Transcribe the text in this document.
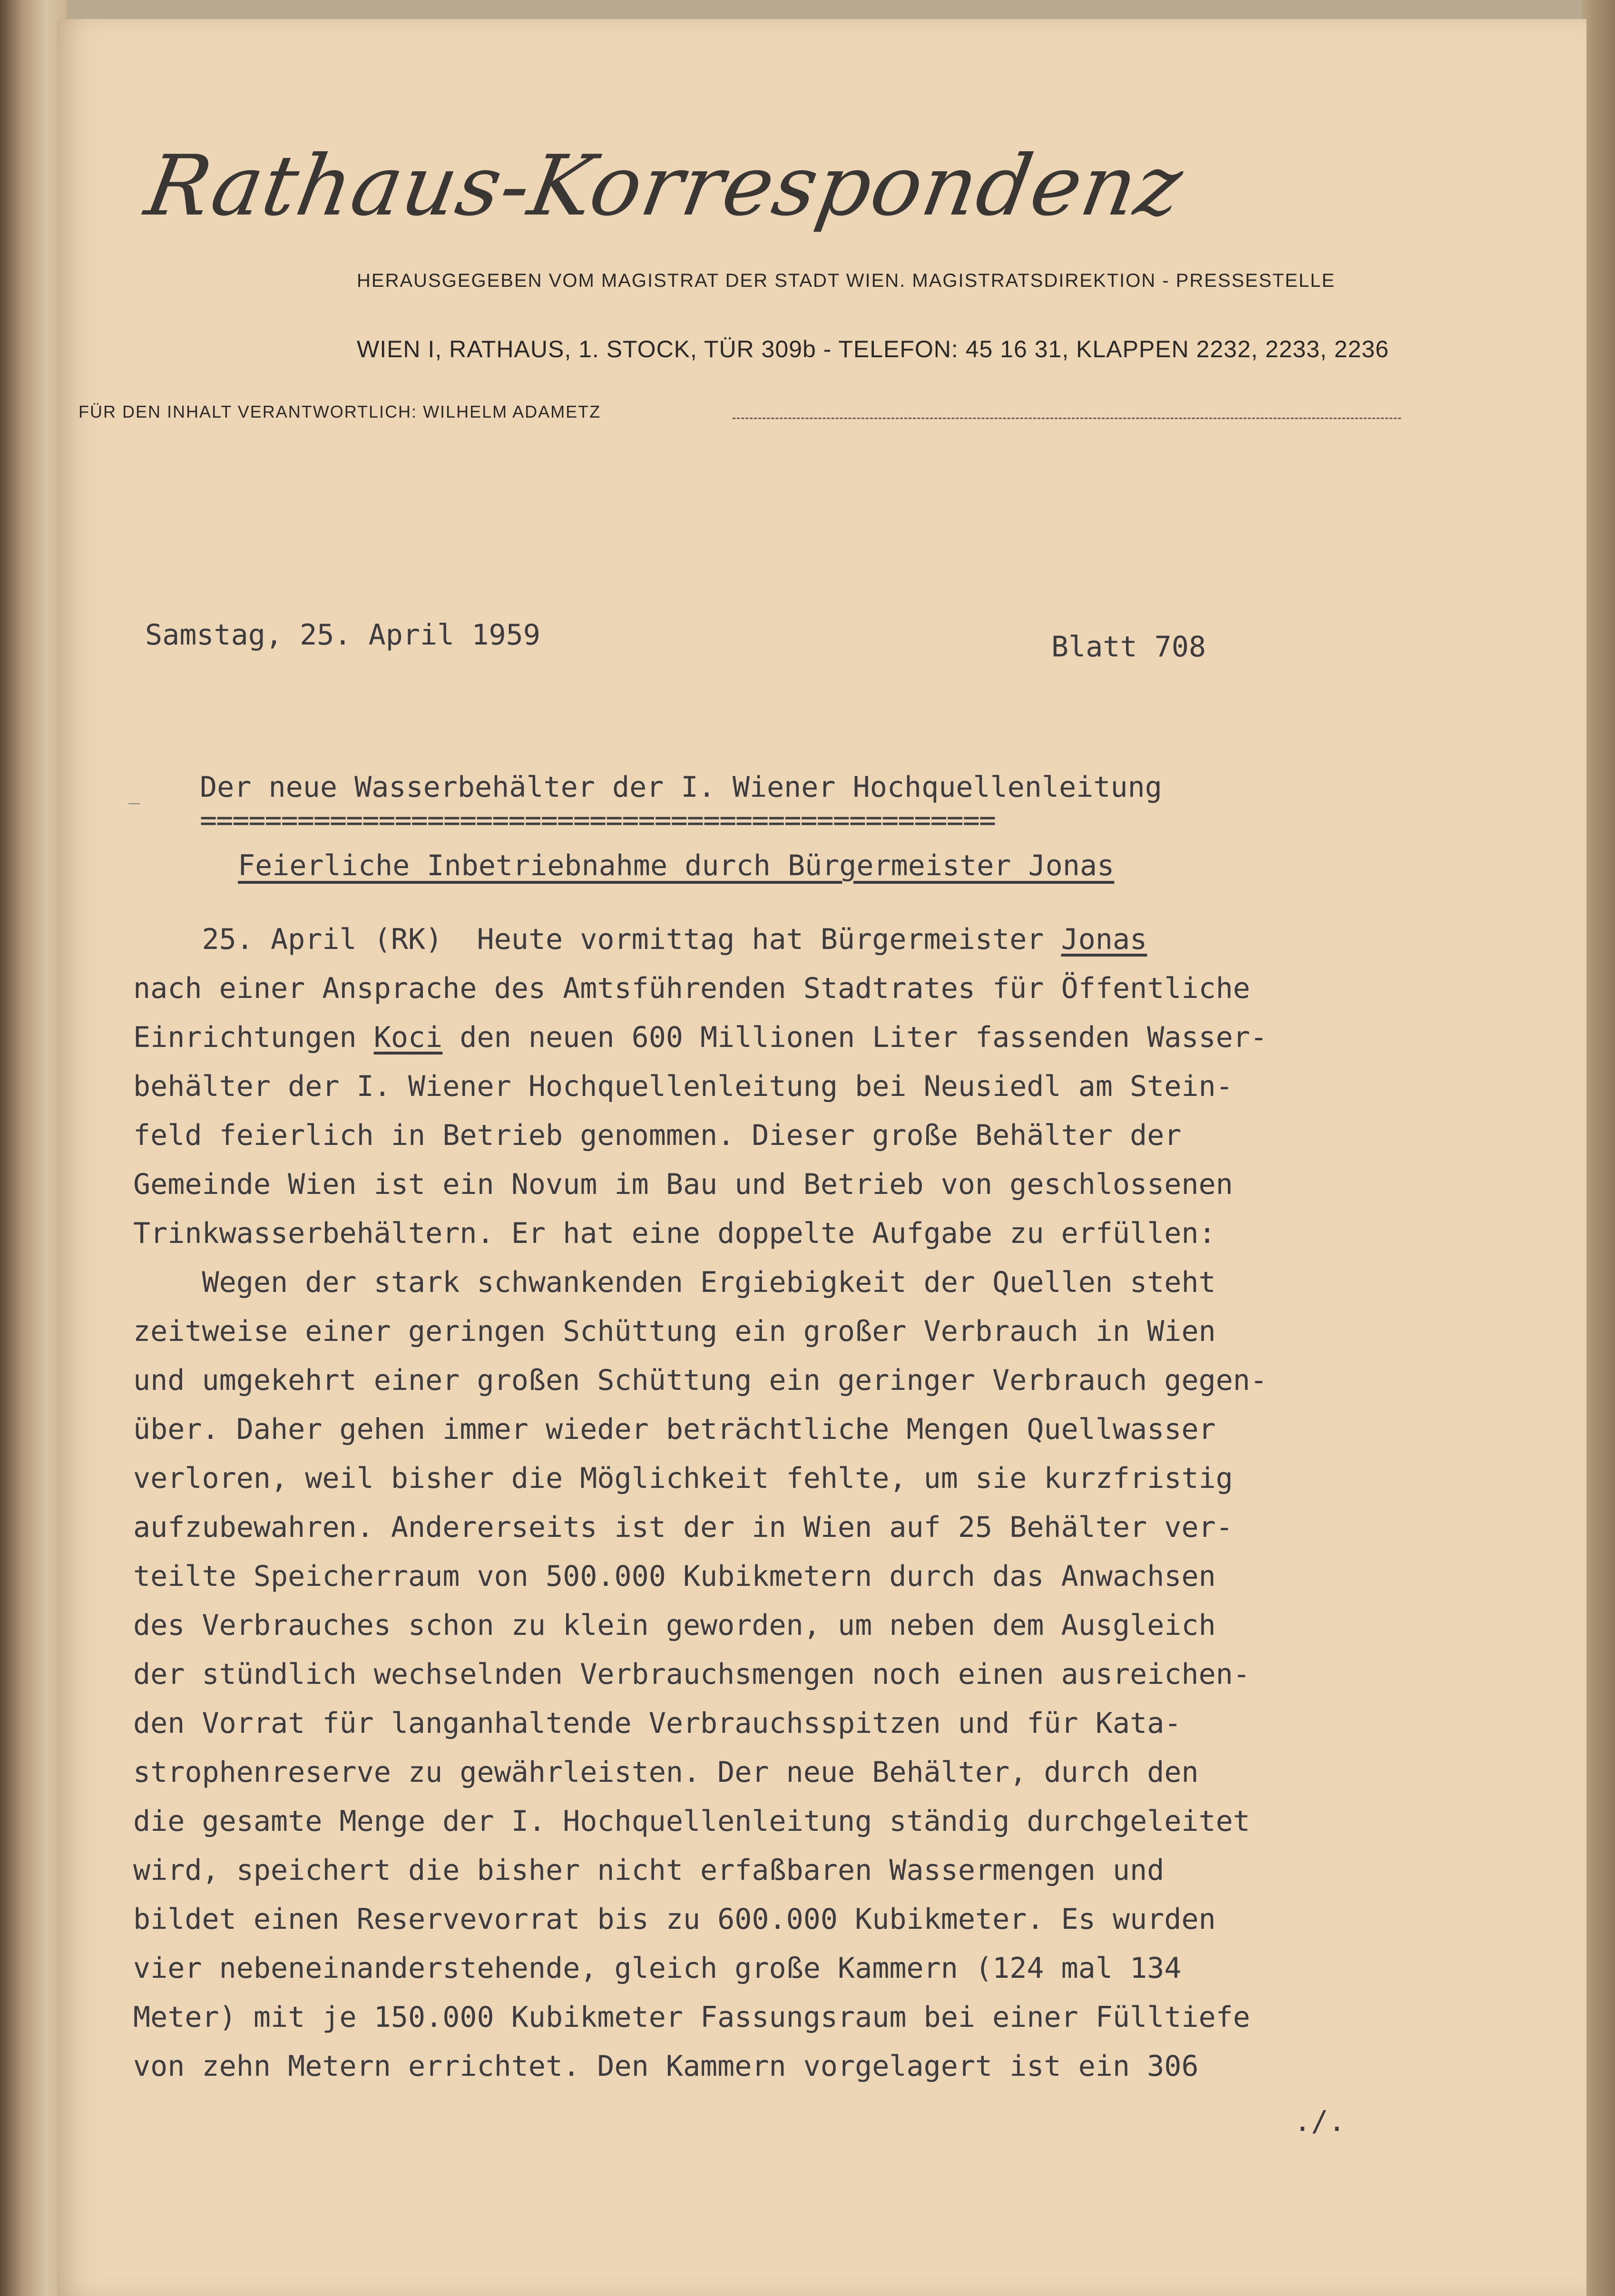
Rathaus-Korrespondenz
HERAUSGEGEBEN VOM MAGISTRAT DER STADT WIEN. MAGISTRATSDIREKTION - PRESSESTELLE
WIEN I, RATHAUS, 1. STOCK, TÜR 309b - TELEFON: 45 16 31, KLAPPEN 2232, 2233, 2236
FÜR DEN INHALT VERANTWORTLICH: WILHELM ADAMETZ
Samstag, 25. April 1959	Blatt 708
_ Der neue Wasserbehälter der I. Wiener Hochquellenleitung
=================================================
Feierliche Inbetriebnahme durch Bürgermeister Jonas
25. April (RK)  Heute vormittag hat Bürgermeister Jonas
nach einer Ansprache des Amtsführenden Stadtrates für Öffentliche
Einrichtungen Koci den neuen 600 Millionen Liter fassenden Wasser-
behälter der I. Wiener Hochquellenleitung bei Neusiedl am Stein-
feld feierlich in Betrieb genommen. Dieser große Behälter der
Gemeinde Wien ist ein Novum im Bau und Betrieb von geschlossenen
Trinkwasserbehältern. Er hat eine doppelte Aufgabe zu erfüllen:
Wegen der stark schwankenden Ergiebigkeit der Quellen steht
zeitweise einer geringen Schüttung ein großer Verbrauch in Wien
und umgekehrt einer großen Schüttung ein geringer Verbrauch gegen-
über. Daher gehen immer wieder beträchtliche Mengen Quellwasser
verloren, weil bisher die Möglichkeit fehlte, um sie kurzfristig
aufzubewahren. Andererseits ist der in Wien auf 25 Behälter ver-
teilte Speicherraum von 500.000 Kubikmetern durch das Anwachsen
des Verbrauches schon zu klein geworden, um neben dem Ausgleich
der stündlich wechselnden Verbrauchsmengen noch einen ausreichen-
den Vorrat für langanhaltende Verbrauchsspitzen und für Kata-
strophenreserve zu gewährleisten. Der neue Behälter, durch den
die gesamte Menge der I. Hochquellenleitung ständig durchgeleitet
wird, speichert die bisher nicht erfaßbaren Wassermengen und
bildet einen Reservevorrat bis zu 600.000 Kubikmeter. Es wurden
vier nebeneinanderstehende, gleich große Kammern (124 mal 134
Meter) mit je 150.000 Kubikmeter Fassungsraum bei einer Fülltiefe
von zehn Metern errichtet. Den Kammern vorgelagert ist ein 306
./.
